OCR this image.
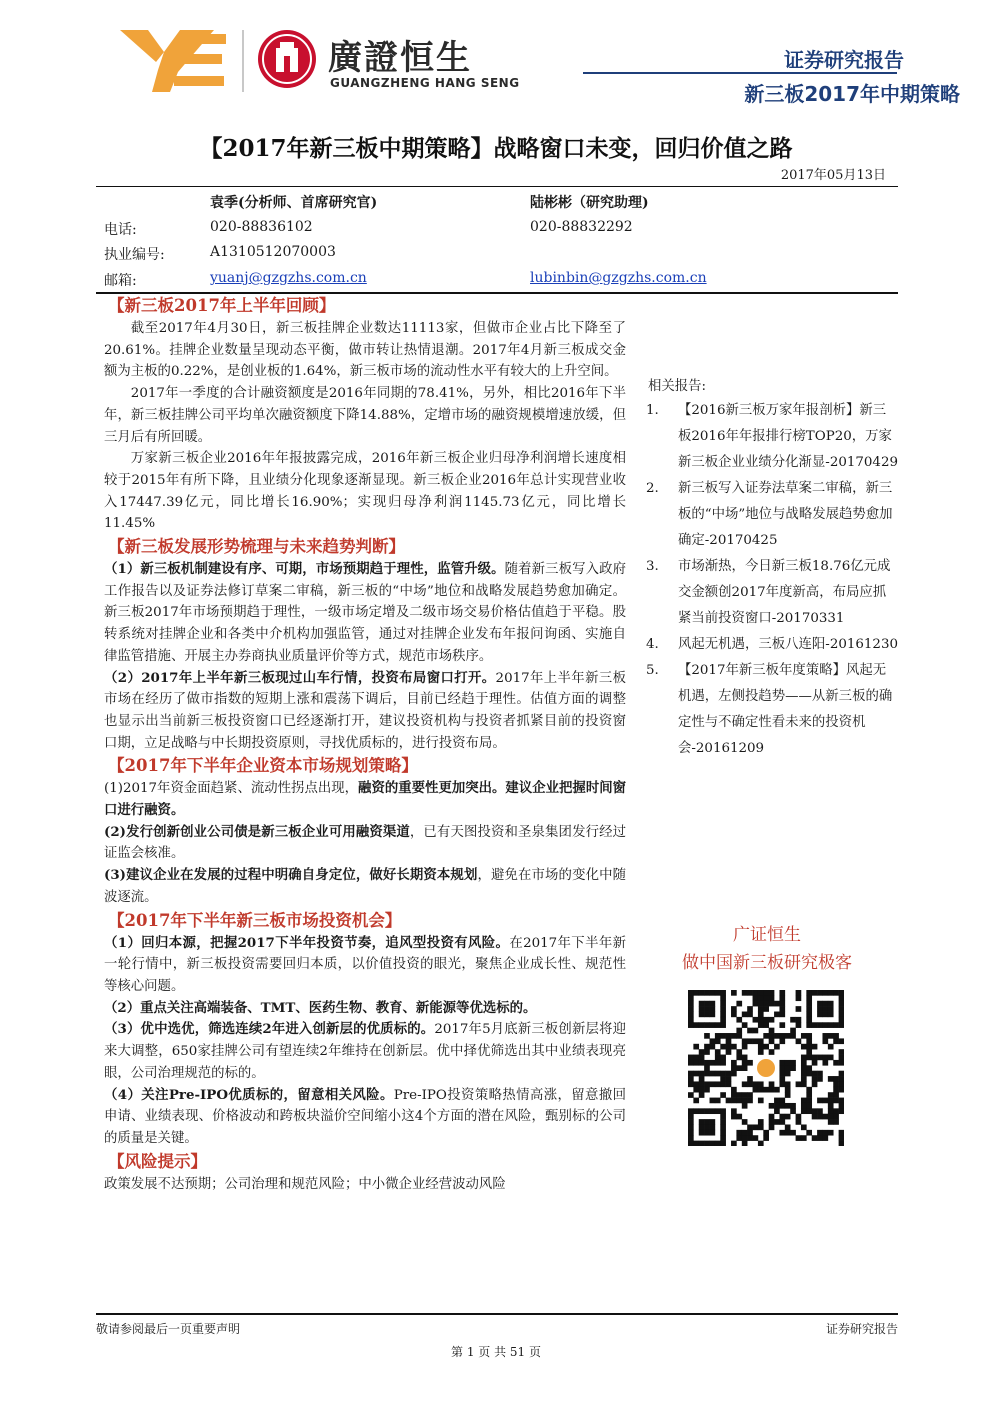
廣證恒生
GUANGZHENG HANG SENG
证券研究报告
新三板2017年中期策略
【2017年新三板中期策略】战略窗口未变，回归价值之路
2017年05月13日
袁季(分析师、首席研究官)	陆彬彬（研究助理)
电话:	020-88836102	020-88832292
执业编号:	A1310512070003
邮箱:	yuanj@gzgzhs.com.cn	lubinbin@gzgzhs.com.cn
【新三板2017年上半年回顾】
截至2017年4月30日，新三板挂牌企业数达11113家，但做市企业占比下降至了20.61%。挂牌企业数量呈现动态平衡，做市转让热情退潮。2017年4月新三板成交金额为主板的0.22%，是创业板的1.64%，新三板市场的流动性水平有较大的上升空间。
2017年一季度的合计融资额度是2016年同期的78.41%，另外，相比2016年下半年，新三板挂牌公司平均单次融资额度下降14.88%，定增市场的融资规模增速放缓，但三月后有所回暖。
万家新三板企业2016年年报披露完成，2016年新三板企业归母净利润增长速度相较于2015年有所下降，且业绩分化现象逐渐显现。新三板企业2016年总计实现营业收入17447.39亿元，同比增长16.90%；实现归母净利润1145.73亿元，同比增长11.45%
【新三板发展形势梳理与未来趋势判断】
（1）新三板机制建设有序、可期，市场预期趋于理性，监管升级。随着新三板写入政府工作报告以及证券法修订草案二审稿，新三板的“中场”地位和战略发展趋势愈加确定。新三板2017年市场预期趋于理性，一级市场定增及二级市场交易价格估值趋于平稳。股转系统对挂牌企业和各类中介机构加强监管，通过对挂牌企业发布年报问询函、实施自律监管措施、开展主办券商执业质量评价等方式，规范市场秩序。
（2）2017年上半年新三板现过山车行情，投资布局窗口打开。2017年上半年新三板市场在经历了做市指数的短期上涨和震荡下调后，目前已经趋于理性。估值方面的调整也显示出当前新三板投资窗口已经逐渐打开，建议投资机构与投资者抓紧目前的投资窗口期，立足战略与中长期投资原则，寻找优质标的，进行投资布局。
【2017年下半年企业资本市场规划策略】
(1)2017年资金面趋紧、流动性拐点出现，融资的重要性更加突出。建议企业把握时间窗口进行融资。
(2)发行创新创业公司债是新三板企业可用融资渠道，已有天图投资和圣泉集团发行经过证监会核准。
(3)建议企业在发展的过程中明确自身定位，做好长期资本规划，避免在市场的变化中随波逐流。
【2017年下半年新三板市场投资机会】
（1）回归本源，把握2017下半年投资节奏，追风型投资有风险。在2017年下半年新一轮行情中，新三板投资需要回归本质，以价值投资的眼光，聚焦企业成长性、规范性等核心问题。
（2）重点关注高端装备、TMT、医药生物、教育、新能源等优选标的。
（3）优中选优，筛选连续2年进入创新层的优质标的。2017年5月底新三板创新层将迎来大调整，650家挂牌公司有望连续2年维持在创新层。优中择优筛选出其中业绩表现亮眼，公司治理规范的标的。
（4）关注Pre-IPO优质标的，留意相关风险。Pre-IPO投资策略热情高涨，留意撤回申请、业绩表现、价格波动和跨板块溢价空间缩小这4个方面的潜在风险，甄别标的公司的质量是关键。
【风险提示】
政策发展不达预期；公司治理和规范风险；中小微企业经营波动风险
相关报告:
1.	【2016新三板万家年报剖析】新三板2016年年报排行榜TOP20，万家新三板企业业绩分化渐显-20170429
2.	新三板写入证券法草案二审稿，新三板的“中场”地位与战略发展趋势愈加确定-20170425
3.	市场渐热，今日新三板18.76亿元成交金额创2017年度新高，布局应抓紧当前投资窗口-20170331
4.	风起无机遇，三板八连阳-20161230
5.	【2017年新三板年度策略】风起无机遇，左侧投趋势——从新三板的确定性与不确定性看未来的投资机会-20161209
广证恒生
做中国新三板研究极客
敬请参阅最后一页重要声明	证券研究报告
第 1 页 共 51 页
